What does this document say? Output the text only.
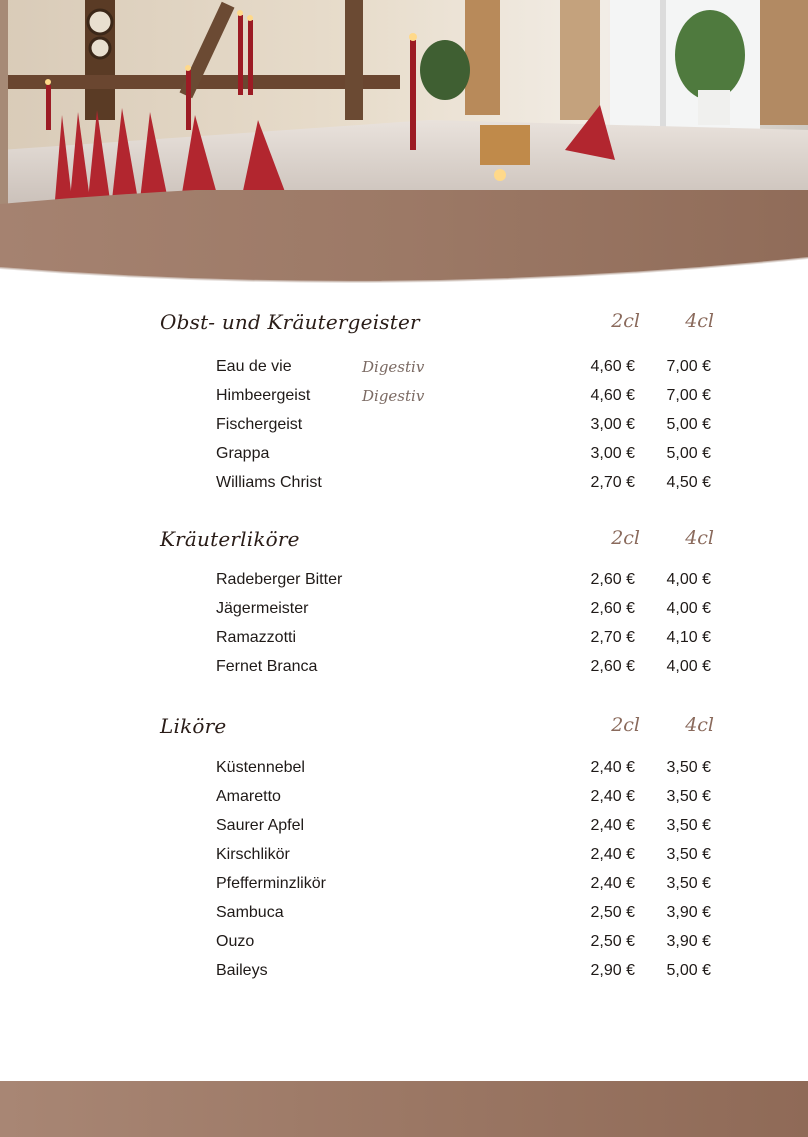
Obst- und Kräutergeister	2cl	4cl
Eau de vie	Digestiv	4,60 €	7,00 €
Himbeergeist	Digestiv	4,60 €	7,00 €
Fischergeist	3,00 €	5,00 €
Grappa	3,00 €	5,00 €
Williams Christ	2,70 €	4,50 €
Kräuterliköre	2cl	4cl
Radeberger Bitter	2,60 €	4,00 €
Jägermeister	2,60 €	4,00 €
Ramazzotti	2,70 €	4,10 €
Fernet Branca	2,60 €	4,00 €
Liköre	2cl	4cl
Küstennebel	2,40 €	3,50 €
Amaretto	2,40 €	3,50 €
Saurer Apfel	2,40 €	3,50 €
Kirschlikör	2,40 €	3,50 €
Pfefferminzlikör	2,40 €	3,50 €
Sambuca	2,50 €	3,90 €
Ouzo	2,50 €	3,90 €
Baileys	2,90 €	5,00 €
